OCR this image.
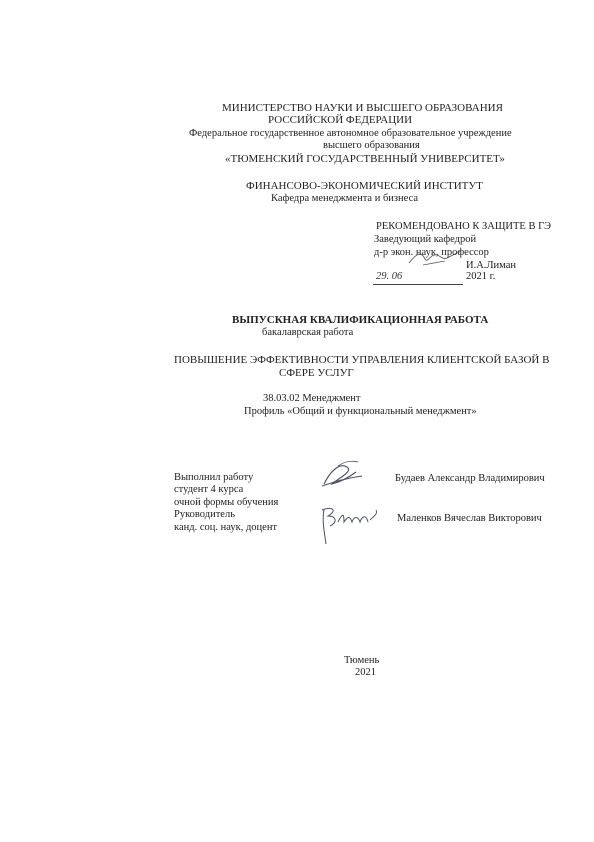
МИНИСТЕРСТВО НАУКИ И ВЫСШЕГО ОБРАЗОВАНИЯ
РОССИЙСКОЙ ФЕДЕРАЦИИ
Федеральное государственное автономное образовательное учреждение
высшего образования
«ТЮМЕНСКИЙ ГОСУДАРСТВЕННЫЙ УНИВЕРСИТЕТ»
ФИНАНСОВО-ЭКОНОМИЧЕСКИЙ ИНСТИТУТ
Кафедра менеджмента и бизнеса
РЕКОМЕНДОВАНО К ЗАЩИТЕ В ГЭ
Заведующий кафедрой
д-р экон. наук, профессор
И.А.Лиман
29. 06	2021 г.
ВЫПУСКНАЯ КВАЛИФИКАЦИОННАЯ РАБОТА
бакалаврская работа
ПОВЫШЕНИЕ ЭФФЕКТИВНОСТИ УПРАВЛЕНИЯ КЛИЕНТСКОЙ БАЗОЙ В
СФЕРЕ УСЛУГ
38.03.02 Менеджмент
Профиль «Общий и функциональный менеджмент»
Выполнил работу
студент 4 курса
очной формы обучения
Руководитель
канд. соц. наук, доцент
Будаев Александр Владимирович
Маленков Вячеслав Викторович
Тюмень
2021
